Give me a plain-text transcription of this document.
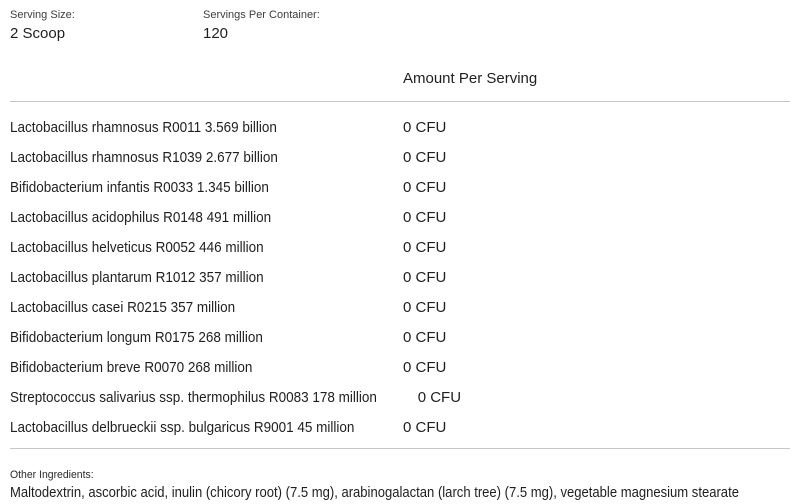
Serving Size:
2 Scoop
Servings Per Container:
120
Amount Per Serving
Lactobacillus rhamnosus R0011 3.569 billion	0 CFU
Lactobacillus rhamnosus R1039 2.677 billion	0 CFU
Bifidobacterium infantis R0033 1.345 billion	0 CFU
Lactobacillus acidophilus R0148 491 million	0 CFU
Lactobacillus helveticus R0052 446 million	0 CFU
Lactobacillus plantarum R1012 357 million	0 CFU
Lactobacillus casei R0215 357 million	0 CFU
Bifidobacterium longum R0175 268 million	0 CFU
Bifidobacterium breve R0070 268 million	0 CFU
Streptococcus salivarius ssp. thermophilus R0083 178 million	0 CFU
Lactobacillus delbrueckii ssp. bulgaricus R9001 45 million	0 CFU
Other Ingredients:
Maltodextrin, ascorbic acid, inulin (chicory root) (7.5 mg), arabinogalactan (larch tree) (7.5 mg), vegetable magnesium stearate
